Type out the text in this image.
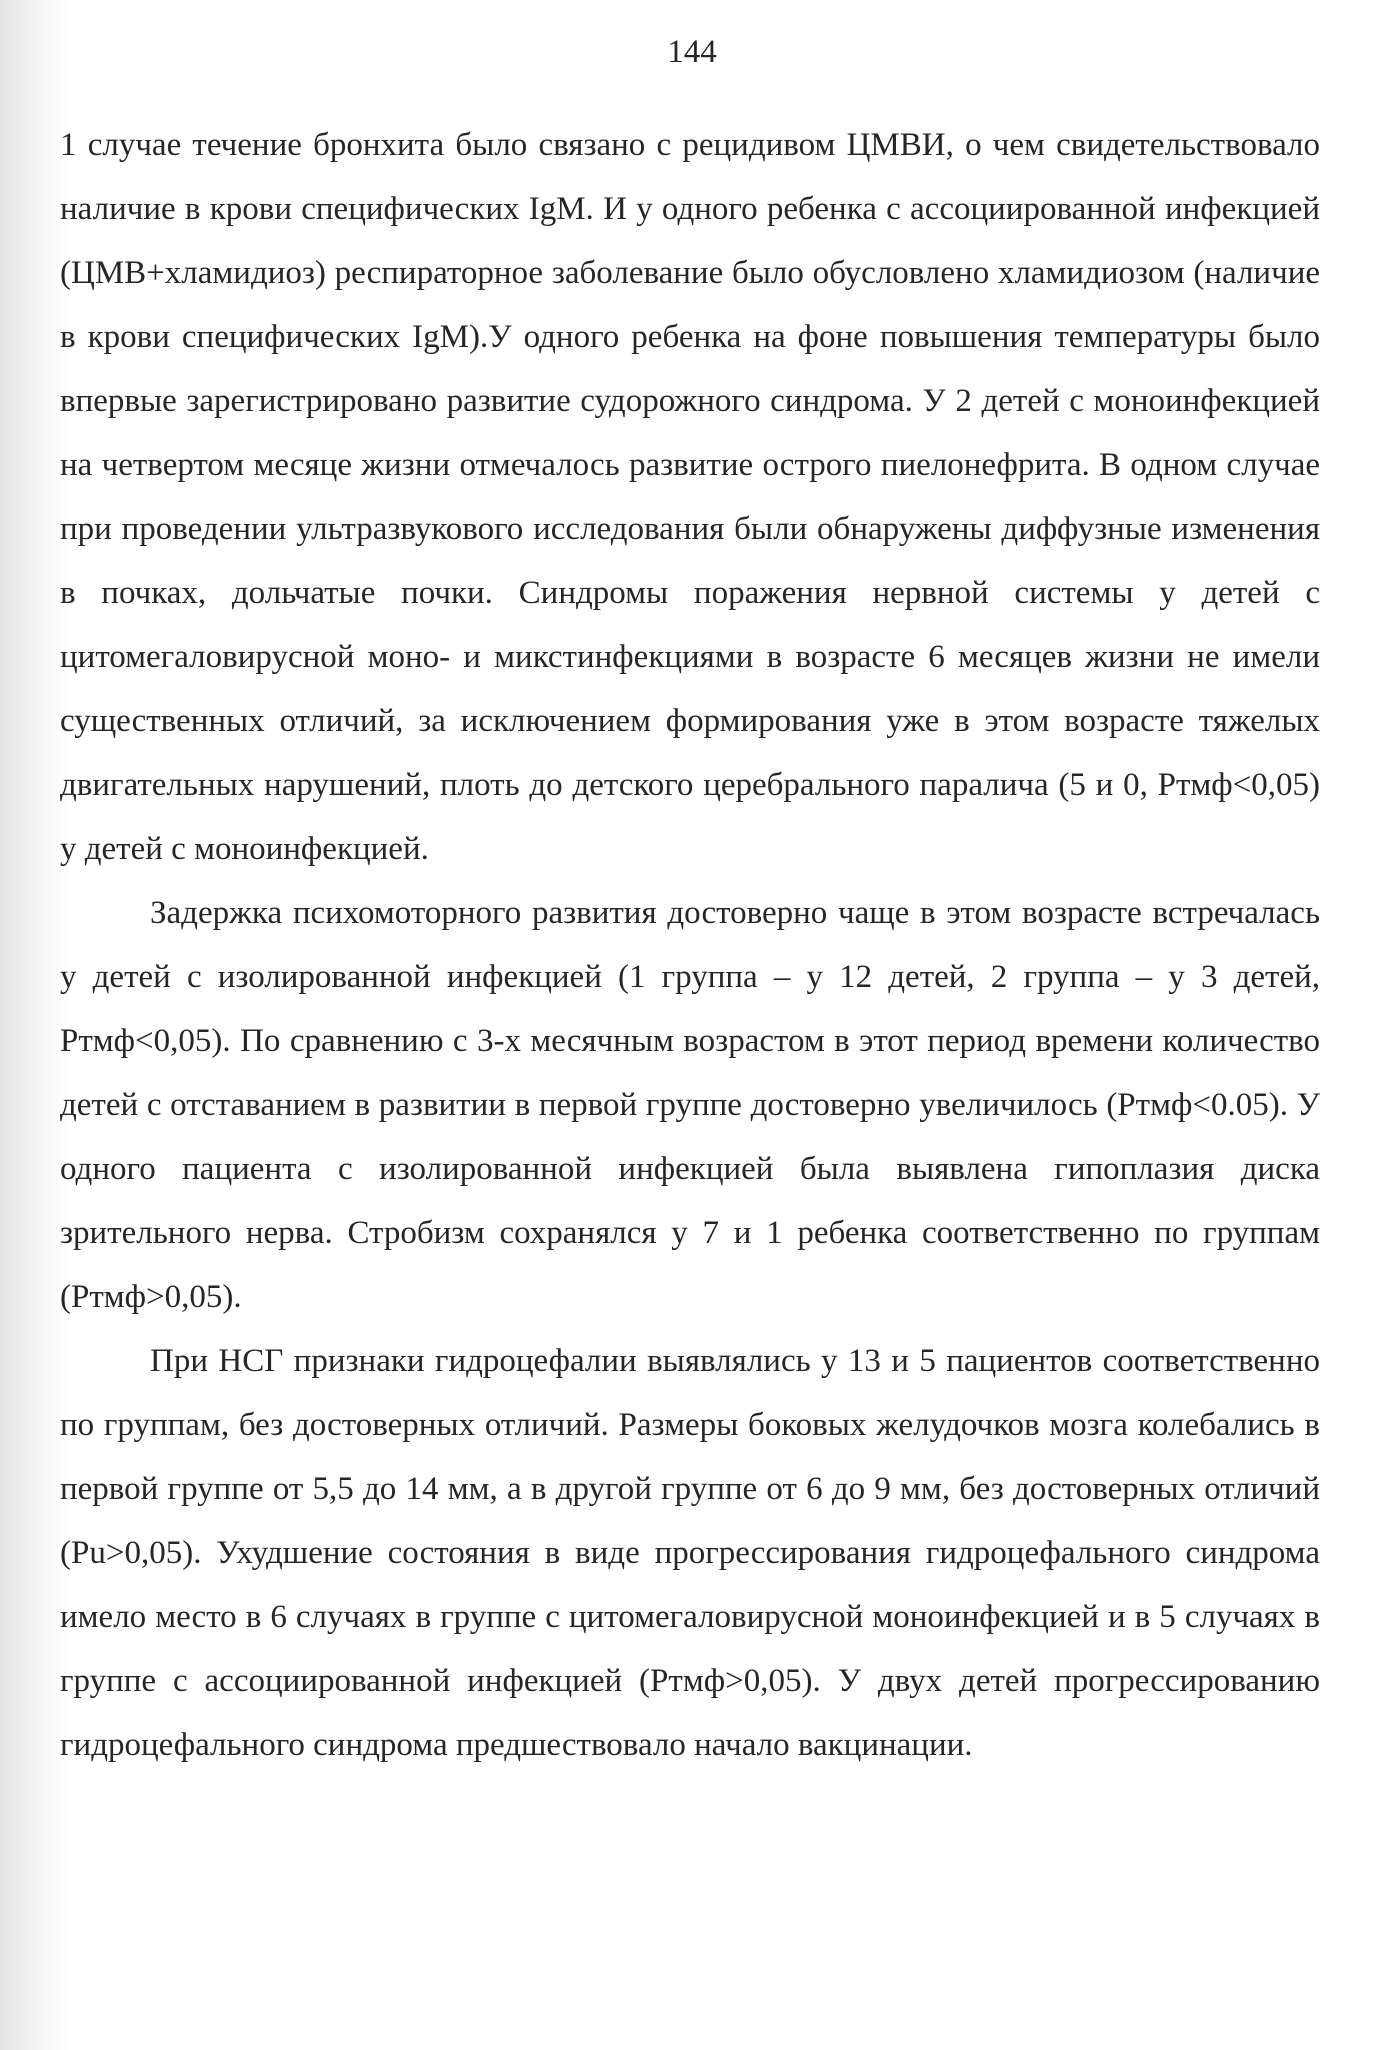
144

1 случае течение бронхита было связано с рецидивом ЦМВИ, о чем свидетельствовало наличие в крови специфических IgM. И у одного ребенка с ассоциированной инфекцией (ЦМВ+хламидиоз) респираторное заболевание было обусловлено хламидиозом (наличие в крови специфических IgM).У одного ребенка на фоне повышения температуры было впервые зарегистрировано развитие судорожного синдрома. У 2 детей с моноинфекцией на четвертом месяце жизни отмечалось развитие острого пиелонефрита. В одном случае при проведении ультразвукового исследования были обнаружены диффузные изменения в почках, дольчатые почки. Синдромы поражения нервной системы у детей с цитомегаловирусной моно- и микстинфекциями в возрасте 6 месяцев жизни не имели существенных отличий, за исключением формирования уже в этом возрасте тяжелых двигательных нарушений, плоть до детского церебрального паралича (5 и 0, Ртмф<0,05) у детей с моноинфекцией.

Задержка психомоторного развития достоверно чаще в этом возрасте встречалась у детей с изолированной инфекцией (1 группа – у 12 детей, 2 группа – у 3 детей, Ртмф<0,05). По сравнению с 3-х месячным возрастом в этот период времени количество детей с отставанием в развитии в первой группе достоверно увеличилось (Ртмф<0.05). У одного пациента с изолированной инфекцией была выявлена гипоплазия диска зрительного нерва. Стробизм сохранялся у 7 и 1 ребенка соответственно по группам (Ртмф>0,05).

При НСГ признаки гидроцефалии выявлялись у 13 и 5 пациентов соответственно по группам, без достоверных отличий. Размеры боковых желудочков мозга колебались в первой группе от 5,5 до 14 мм, а в другой группе от 6 до 9 мм, без достоверных отличий (Pu>0,05). Ухудшение состояния в виде прогрессирования гидроцефального синдрома имело место в 6 случаях в группе с цитомегаловирусной моноинфекцией и в 5 случаях в группе с ассоциированной инфекцией (Ртмф>0,05). У двух детей прогрессированию гидроцефального синдрома предшествовало начало вакцинации.
